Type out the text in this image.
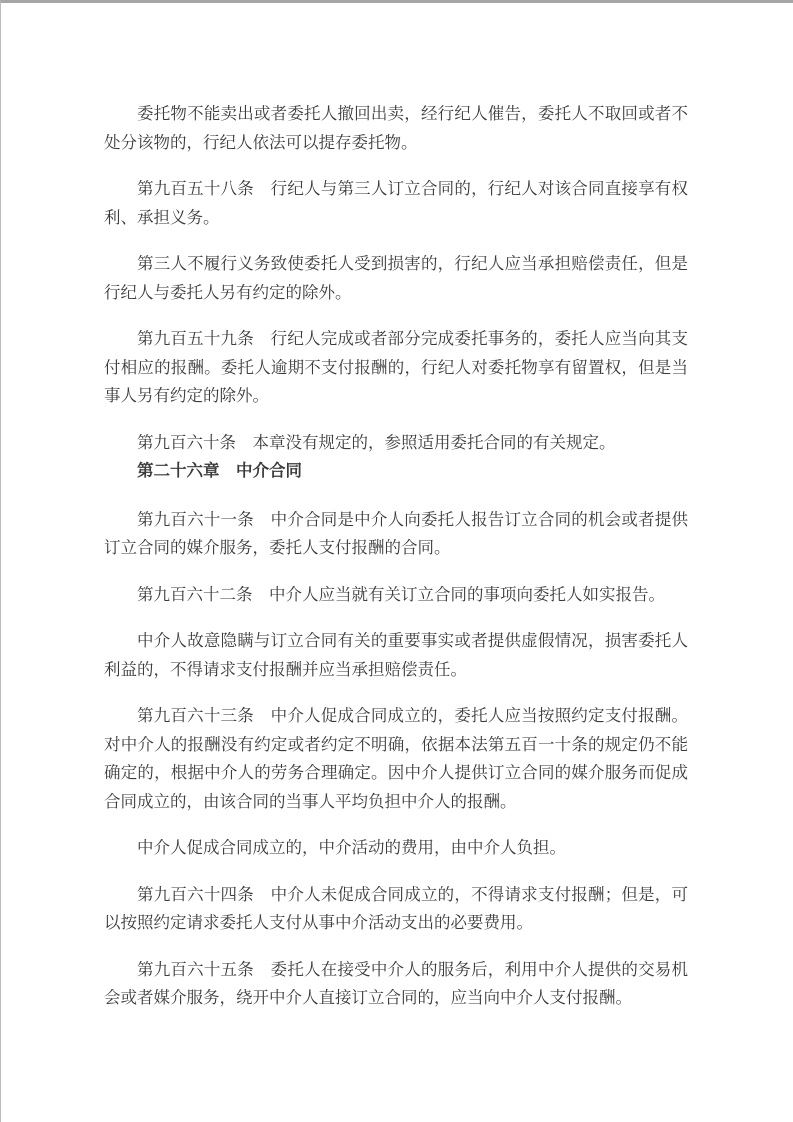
委托物不能卖出或者委托人撤回出卖，经行纪人催告，委托人不取回或者不处分该物的，行纪人依法可以提存委托物。

第九百五十八条　行纪人与第三人订立合同的，行纪人对该合同直接享有权利、承担义务。

第三人不履行义务致使委托人受到损害的，行纪人应当承担赔偿责任，但是行纪人与委托人另有约定的除外。

第九百五十九条　行纪人完成或者部分完成委托事务的，委托人应当向其支付相应的报酬。委托人逾期不支付报酬的，行纪人对委托物享有留置权，但是当事人另有约定的除外。

第九百六十条　本章没有规定的，参照适用委托合同的有关规定。

第二十六章　中介合同

第九百六十一条　中介合同是中介人向委托人报告订立合同的机会或者提供订立合同的媒介服务，委托人支付报酬的合同。

第九百六十二条　中介人应当就有关订立合同的事项向委托人如实报告。

中介人故意隐瞒与订立合同有关的重要事实或者提供虚假情况，损害委托人利益的，不得请求支付报酬并应当承担赔偿责任。

第九百六十三条　中介人促成合同成立的，委托人应当按照约定支付报酬。对中介人的报酬没有约定或者约定不明确，依据本法第五百一十条的规定仍不能确定的，根据中介人的劳务合理确定。因中介人提供订立合同的媒介服务而促成合同成立的，由该合同的当事人平均负担中介人的报酬。

中介人促成合同成立的，中介活动的费用，由中介人负担。

第九百六十四条　中介人未促成合同成立的，不得请求支付报酬；但是，可以按照约定请求委托人支付从事中介活动支出的必要费用。

第九百六十五条　委托人在接受中介人的服务后，利用中介人提供的交易机会或者媒介服务，绕开中介人直接订立合同的，应当向中介人支付报酬。
